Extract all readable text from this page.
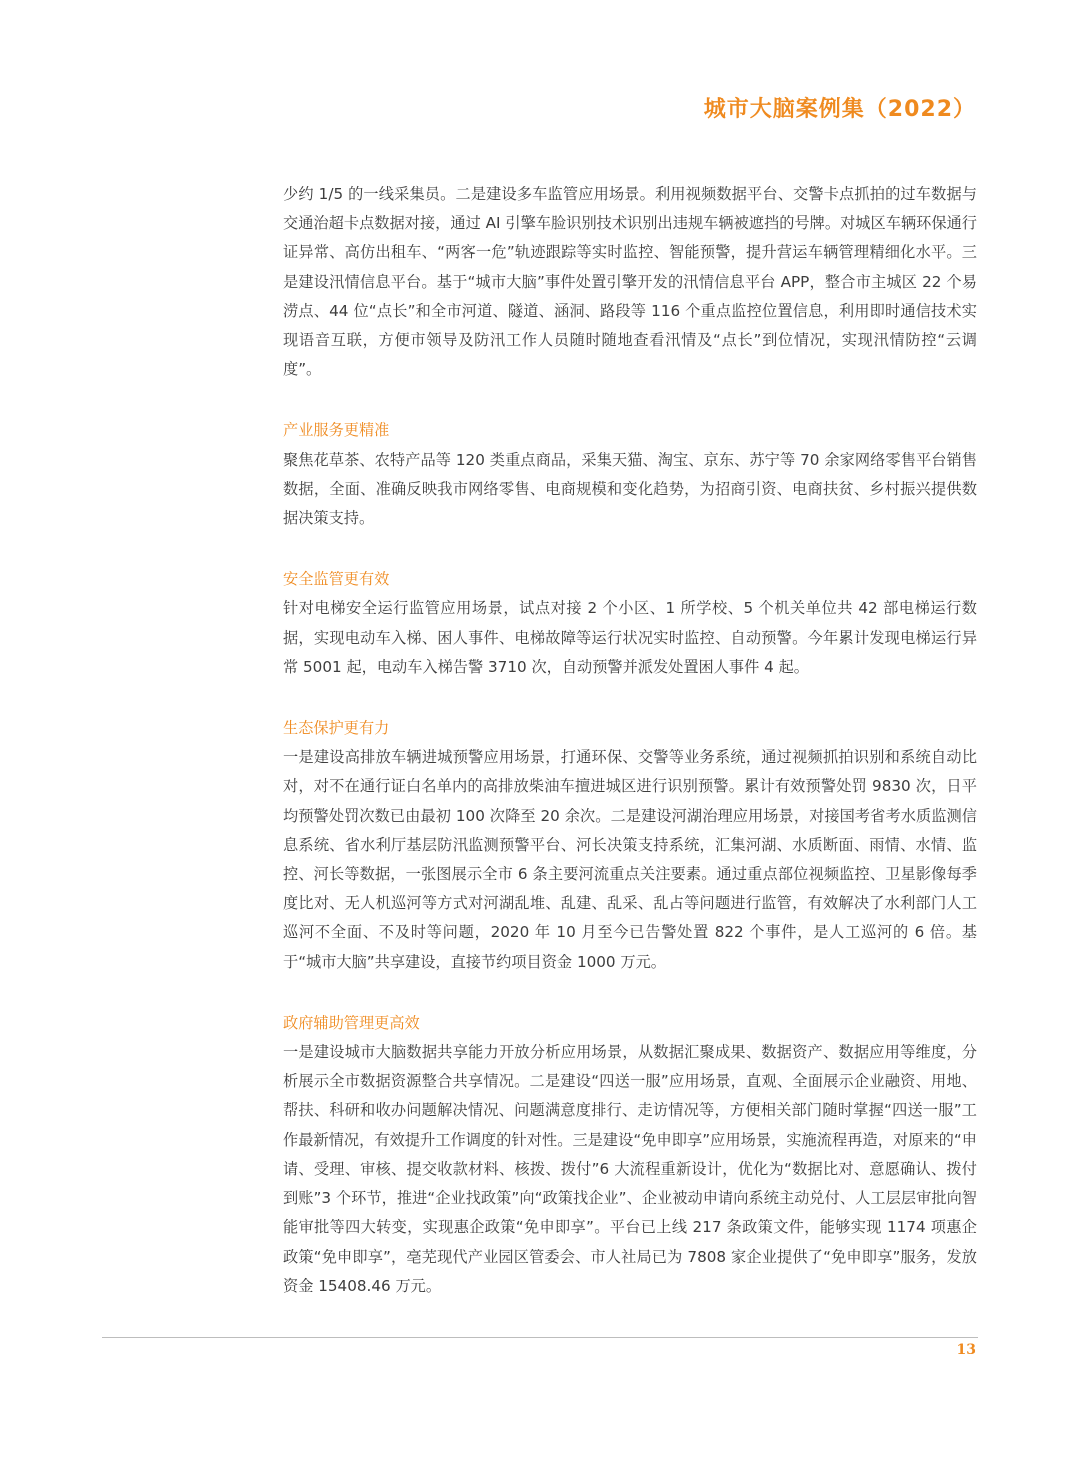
城市大脑案例集（2022）

少约 1/5 的一线采集员。二是建设多车监管应用场景。利用视频数据平台、交警卡点抓拍的过车数据与交通治超卡点数据对接，通过 AI 引擎车脸识别技术识别出违规车辆被遮挡的号牌。对城区车辆环保通行证异常、高仿出租车、“两客一危”轨迹跟踪等实时监控、智能预警，提升营运车辆管理精细化水平。三是建设汛情信息平台。基于“城市大脑”事件处置引擎开发的汛情信息平台 APP，整合市主城区 22 个易涝点、44 位“点长”和全市河道、隧道、涵洞、路段等 116 个重点监控位置信息，利用即时通信技术实现语音互联，方便市领导及防汛工作人员随时随地查看汛情及“点长”到位情况，实现汛情防控“云调度”。

产业服务更精准

聚焦花草茶、农特产品等 120 类重点商品，采集天猫、淘宝、京东、苏宁等 70 余家网络零售平台销售数据，全面、准确反映我市网络零售、电商规模和变化趋势，为招商引资、电商扶贫、乡村振兴提供数据决策支持。

安全监管更有效

针对电梯安全运行监管应用场景，试点对接 2 个小区、1 所学校、5 个机关单位共 42 部电梯运行数据，实现电动车入梯、困人事件、电梯故障等运行状况实时监控、自动预警。今年累计发现电梯运行异常 5001 起，电动车入梯告警 3710 次，自动预警并派发处置困人事件 4 起。

生态保护更有力

一是建设高排放车辆进城预警应用场景，打通环保、交警等业务系统，通过视频抓拍识别和系统自动比对，对不在通行证白名单内的高排放柴油车擅进城区进行识别预警。累计有效预警处罚 9830 次，日平均预警处罚次数已由最初 100 次降至 20 余次。二是建设河湖治理应用场景，对接国考省考水质监测信息系统、省水利厅基层防汛监测预警平台、河长决策支持系统，汇集河湖、水质断面、雨情、水情、监控、河长等数据，一张图展示全市 6 条主要河流重点关注要素。通过重点部位视频监控、卫星影像每季度比对、无人机巡河等方式对河湖乱堆、乱建、乱采、乱占等问题进行监管，有效解决了水利部门人工巡河不全面、不及时等问题，2020 年 10 月至今已告警处置 822 个事件，是人工巡河的 6 倍。基于“城市大脑”共享建设，直接节约项目资金 1000 万元。

政府辅助管理更高效

一是建设城市大脑数据共享能力开放分析应用场景，从数据汇聚成果、数据资产、数据应用等维度，分析展示全市数据资源整合共享情况。二是建设“四送一服”应用场景，直观、全面展示企业融资、用地、帮扶、科研和收办问题解决情况、问题满意度排行、走访情况等，方便相关部门随时掌握“四送一服”工作最新情况，有效提升工作调度的针对性。三是建设“免申即享”应用场景，实施流程再造，对原来的“申请、受理、审核、提交收款材料、核拨、拨付”6 大流程重新设计，优化为“数据比对、意愿确认、拨付到账”3 个环节，推进“企业找政策”向“政策找企业”、企业被动申请向系统主动兑付、人工层层审批向智能审批等四大转变，实现惠企政策“免申即享”。平台已上线 217 条政策文件，能够实现 1174 项惠企政策“免申即享”，亳芜现代产业园区管委会、市人社局已为 7808 家企业提供了“免申即享”服务，发放资金 15408.46 万元。

13
